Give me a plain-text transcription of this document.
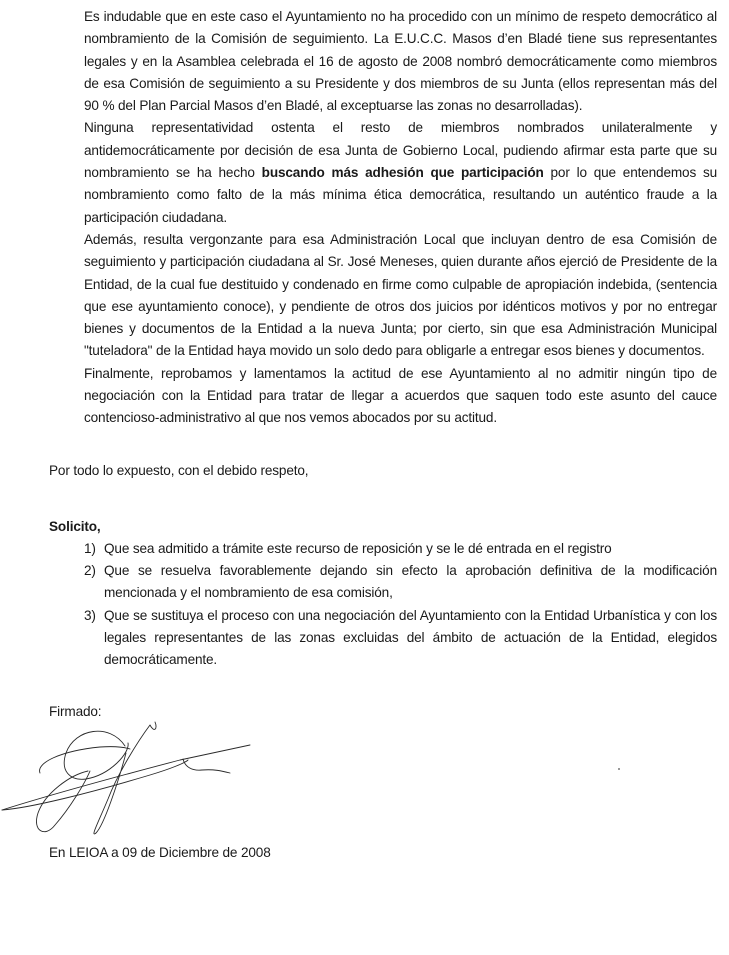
Es indudable que en este caso el Ayuntamiento no ha procedido con un mínimo de respeto democrático al nombramiento de la Comisión de seguimiento. La E.U.C.C. Masos d’en Bladé tiene sus representantes legales y en la Asamblea celebrada el 16 de agosto de 2008 nombró democráticamente como miembros de esa Comisión de seguimiento a su Presidente y dos miembros de su Junta (ellos representan más del 90 % del Plan Parcial Masos d’en Bladé, al exceptuarse las zonas no desarrolladas).

Ninguna representatividad ostenta el resto de miembros nombrados unilateralmente y antidemocráticamente por decisión de esa Junta de Gobierno Local, pudiendo afirmar esta parte que su nombramiento se ha hecho buscando más adhesión que participación por lo que entendemos su nombramiento como falto de la más mínima ética democrática, resultando un auténtico fraude a la participación ciudadana.

Además, resulta vergonzante para esa Administración Local que incluyan dentro de esa Comisión de seguimiento y participación ciudadana al Sr. José Meneses, quien durante años ejerció de Presidente de la Entidad, de la cual fue destituido y condenado en firme como culpable de apropiación indebida, (sentencia que ese ayuntamiento conoce), y pendiente de otros dos juicios por idénticos motivos y por no entregar bienes y documentos de la Entidad a la nueva Junta; por cierto, sin que esa Administración Municipal "tuteladora" de la Entidad haya movido un solo dedo para obligarle a entregar esos bienes y documentos.

Finalmente, reprobamos y lamentamos la actitud de ese Ayuntamiento al no admitir ningún tipo de negociación con la Entidad para tratar de llegar a acuerdos que saquen todo este asunto del cauce contencioso-administrativo al que nos vemos abocados por su actitud.

Por todo lo expuesto, con el debido respeto,

Solicito,

1) Que sea admitido a trámite este recurso de reposición y se le dé entrada en el registro

2) Que se resuelva favorablemente dejando sin efecto la aprobación definitiva de la modificación mencionada y el nombramiento de esa comisión,

3) Que se sustituya el proceso con una negociación del Ayuntamiento con la Entidad Urbanística y con los legales representantes de las zonas excluidas del ámbito de actuación de la Entidad, elegidos democráticamente.

Firmado:

En LEIOA a 09 de Diciembre de 2008
